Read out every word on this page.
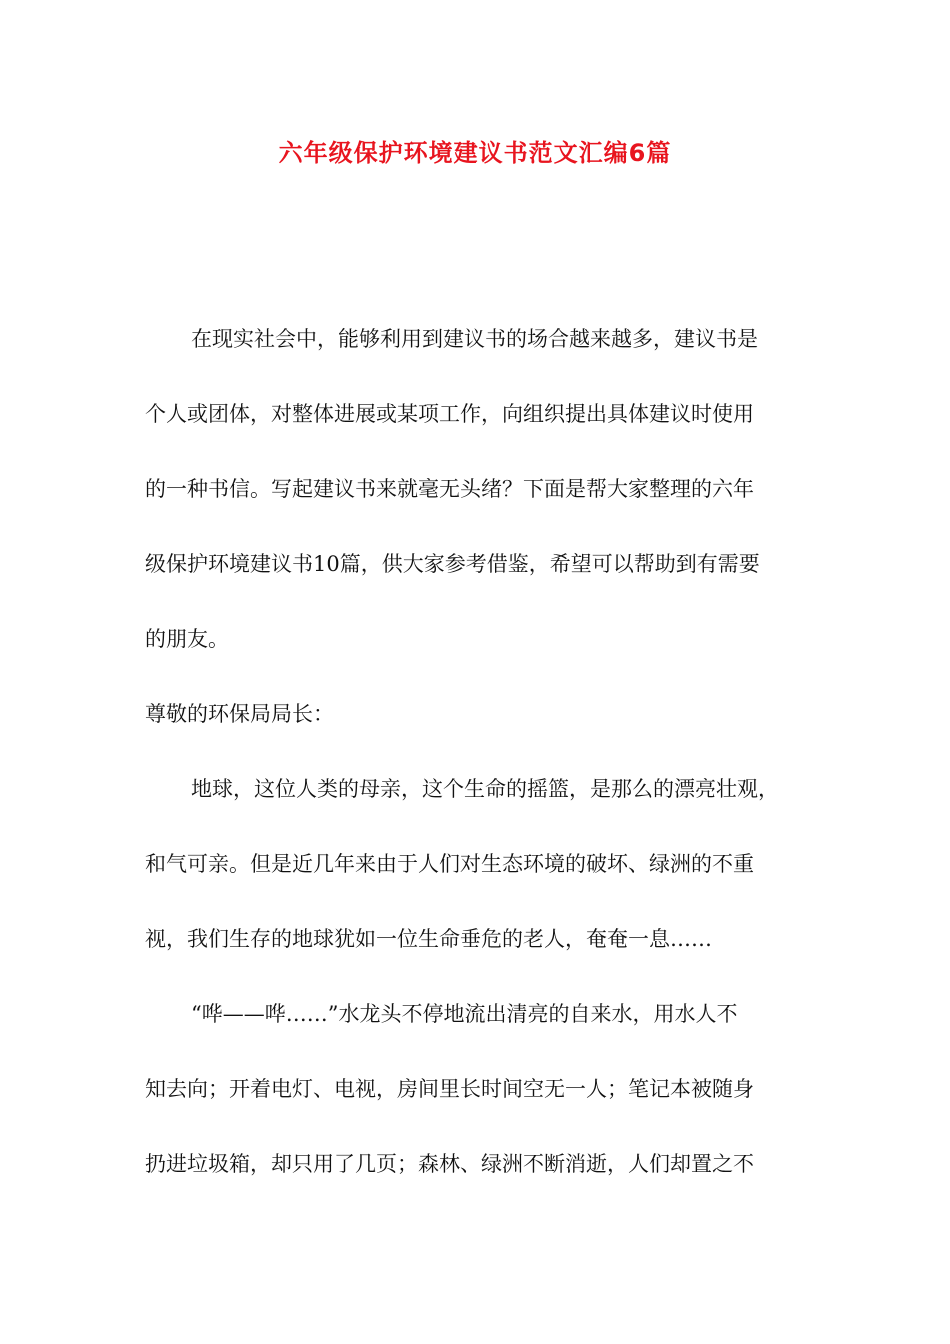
六年级保护环境建议书范文汇编6篇

在现实社会中，能够利用到建议书的场合越来越多，建议书是

个人或团体，对整体进展或某项工作，向组织提出具体建议时使用

的一种书信。写起建议书来就毫无头绪？下面是帮大家整理的六年

级保护环境建议书10篇，供大家参考借鉴，希望可以帮助到有需要

的朋友。

尊敬的环保局局长：

地球，这位人类的母亲，这个生命的摇篮，是那么的漂亮壮观，

和气可亲。但是近几年来由于人们对生态环境的破坏、绿洲的不重

视，我们生存的地球犹如一位生命垂危的老人，奄奄一息……

“哗——哗……”水龙头不停地流出清亮的自来水，用水人不

知去向；开着电灯、电视，房间里长时间空无一人；笔记本被随身

扔进垃圾箱，却只用了几页；森林、绿洲不断消逝，人们却置之不
